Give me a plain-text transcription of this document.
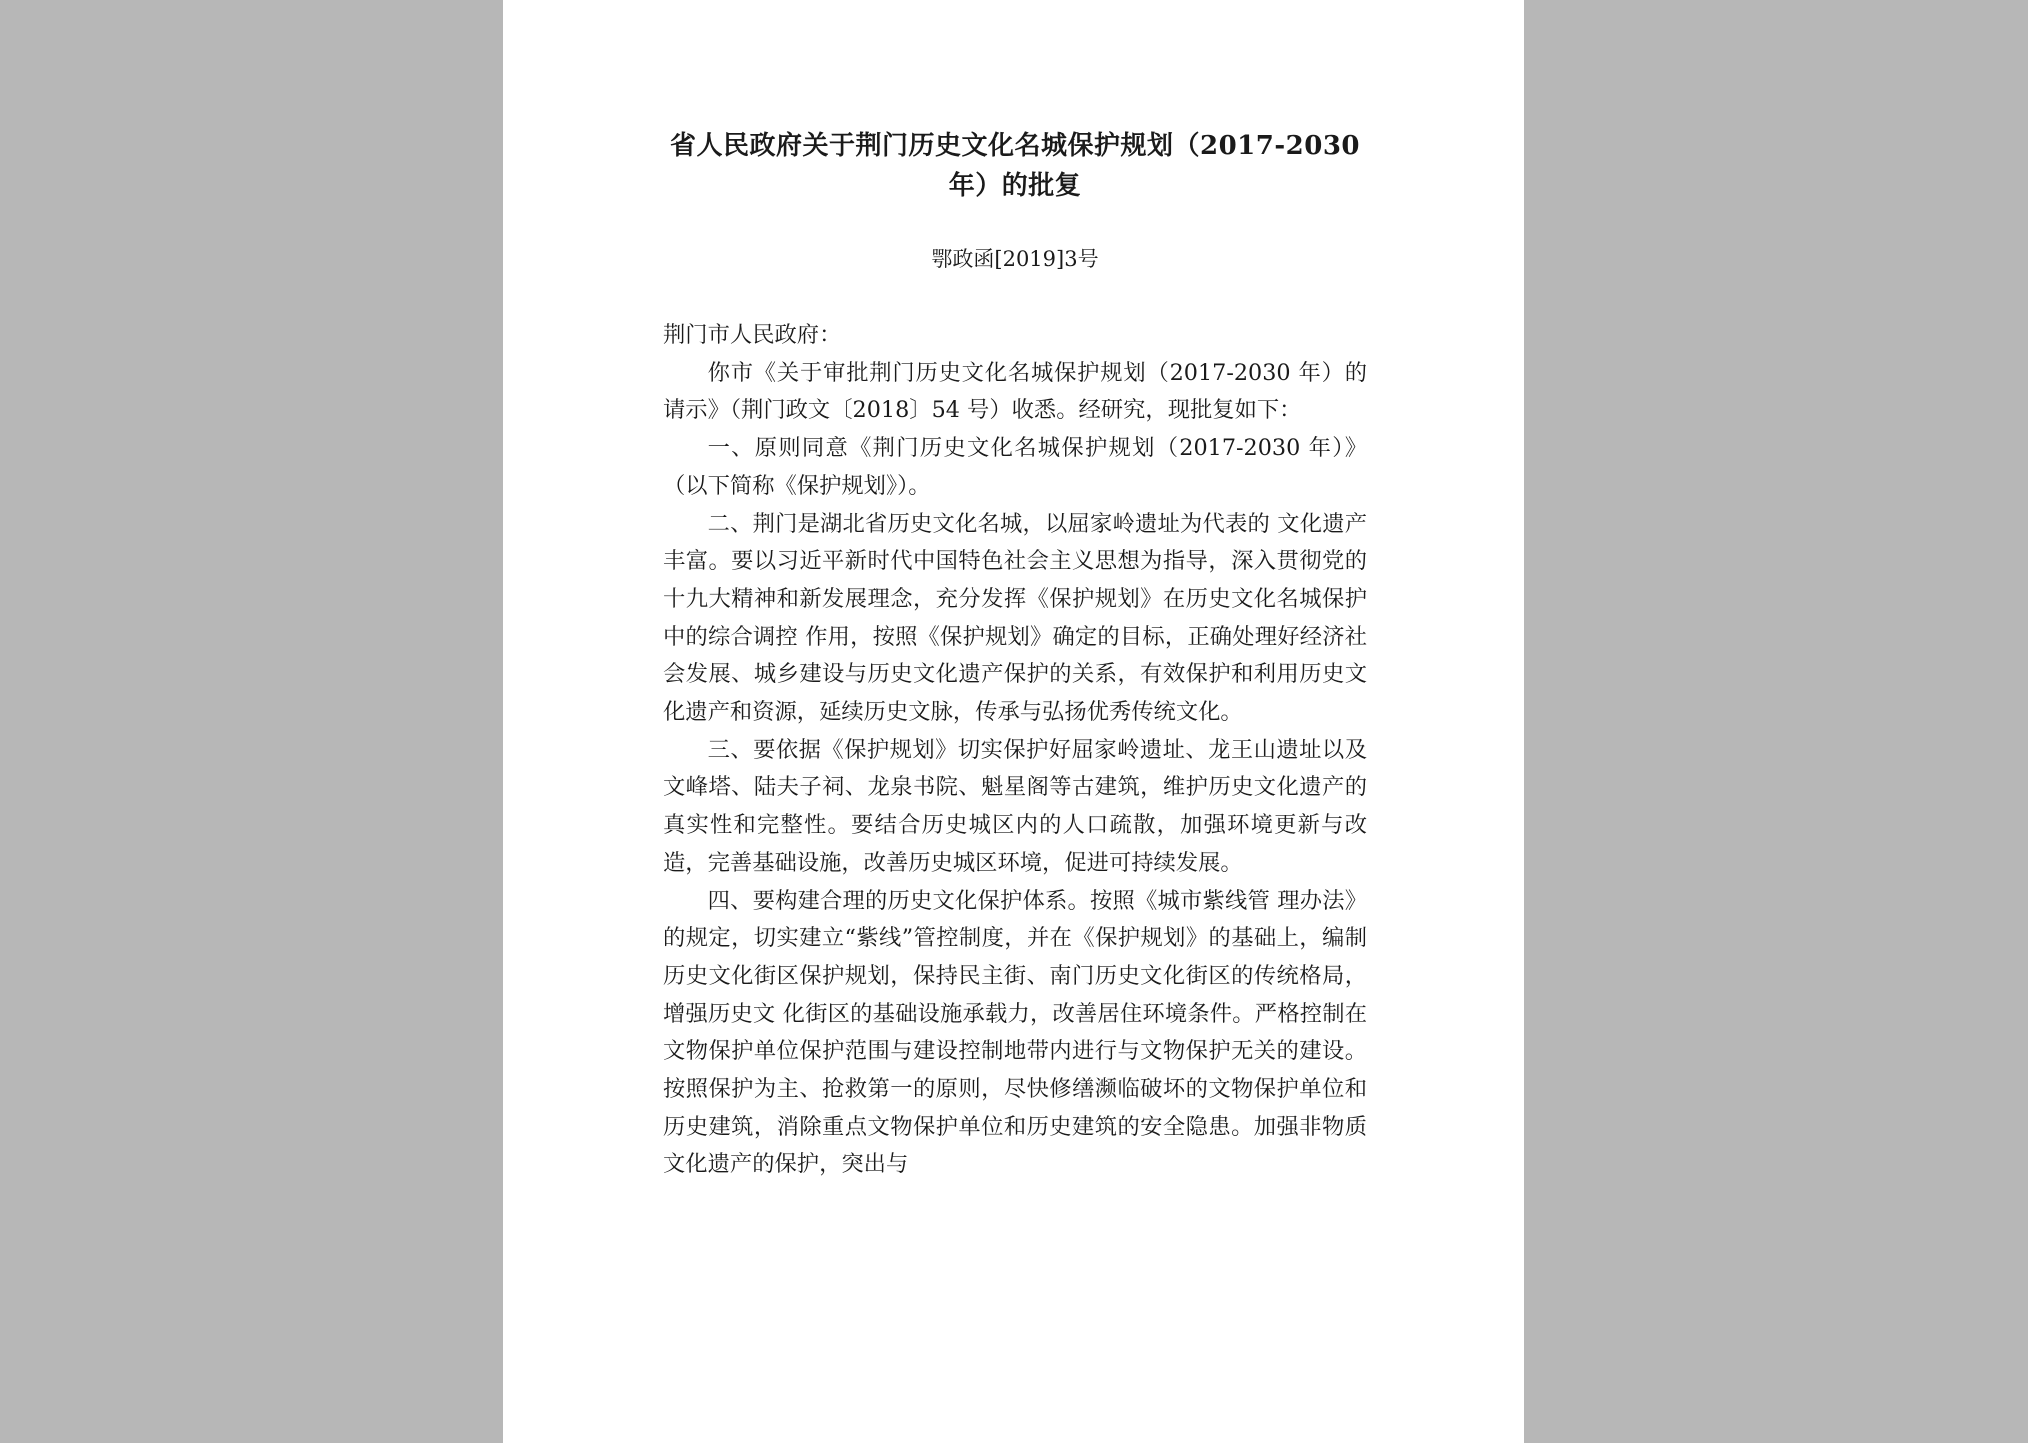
省人民政府关于荆门历史文化名城保护规划（2017-2030年）的批复
鄂政函[2019]3号

荆门市人民政府：

你市《关于审批荆门历史文化名城保护规划（2017-2030 年）的请示》（荆门政文〔2018〕54 号）收悉。经研究，现批复如下：

一、原则同意《荆门历史文化名城保护规划（2017-2030 年）》（以下简称《保护规划》）。

二、荆门是湖北省历史文化名城，以屈家岭遗址为代表的 文化遗产丰富。要以习近平新时代中国特色社会主义思想为指导，深入贯彻党的十九大精神和新发展理念，充分发挥《保护规划》在历史文化名城保护中的综合调控 作用，按照《保护规划》确定的目标，正确处理好经济社会发展、城乡建设与历史文化遗产保护的关系，有效保护和利用历史文化遗产和资源，延续历史文脉，传承与弘扬优秀传统文化。

三、要依据《保护规划》切实保护好屈家岭遗址、龙王山遗址以及文峰塔、陆夫子祠、龙泉书院、魁星阁等古建筑，维护历史文化遗产的真实性和完整性。要结合历史城区内的人口疏散，加强环境更新与改造，完善基础设施，改善历史城区环境，促进可持续发展。

四、要构建合理的历史文化保护体系。按照《城市紫线管 理办法》的规定，切实建立“紫线”管控制度，并在《保护规划》的基础上，编制历史文化街区保护规划，保持民主街、南门历史文化街区的传统格局，增强历史文 化街区的基础设施承载力，改善居住环境条件。严格控制在文物保护单位保护范围与建设控制地带内进行与文物保护无关的建设。按照保护为主、抢救第一的原则，尽快修缮濒临破坏的文物保护单位和历史建筑，消除重点文物保护单位和历史建筑的安全隐患。加强非物质文化遗产的保护，突出与
